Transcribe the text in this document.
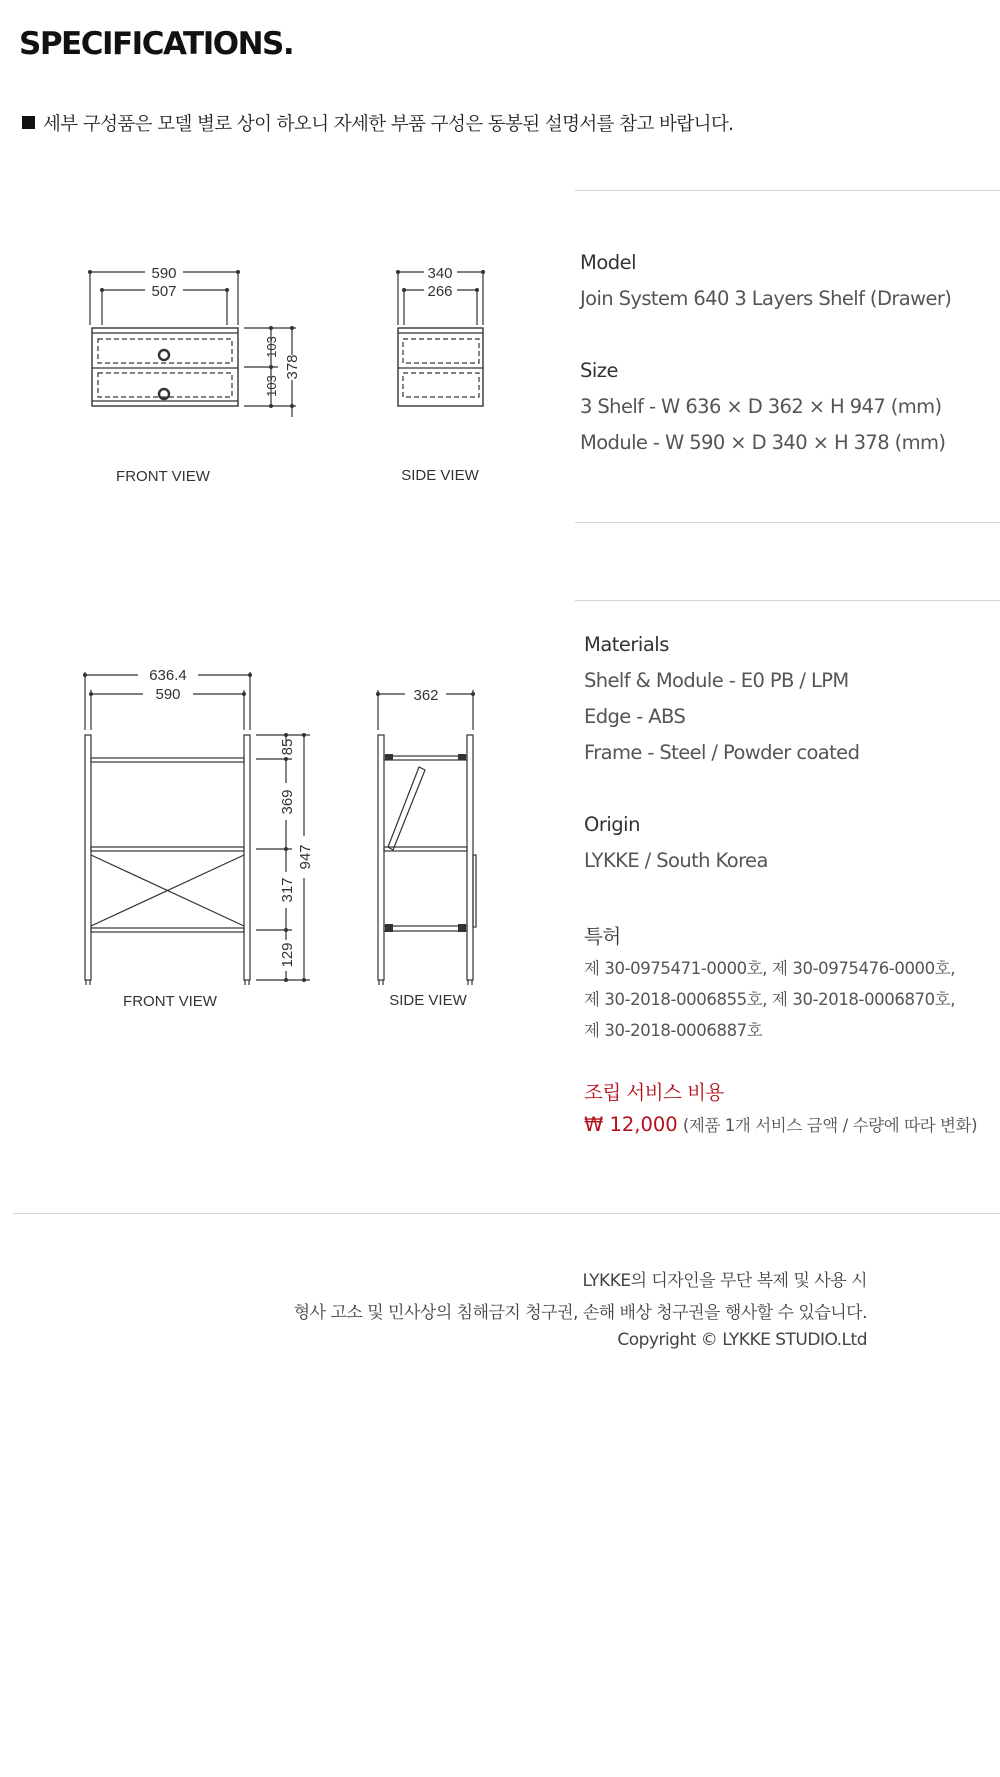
SPECIFICATIONS.
세부 구성품은 모델 별로 상이 하오니 자세한 부품 구성은 동봉된 설명서를 참고 바랍니다.
590
507
103
103
378
340
266
FRONT VIEW	SIDE VIEW
636.4
590
85
369
317
129
947
362
FRONT VIEW	SIDE VIEW
Model
Join System 640 3 Layers Shelf (Drawer)
Size
3 Shelf - W 636 × D 362 × H 947 (mm)
Module - W 590 × D 340 × H 378 (mm)
Materials
Shelf & Module - E0 PB / LPM
Edge - ABS
Frame - Steel / Powder coated
Origin
LYKKE / South Korea
특허
제 30-0975471-0000호, 제 30-0975476-0000호,
제 30-2018-0006855호, 제 30-2018-0006870호,
제 30-2018-0006887호
조립 서비스 비용
₩ 12,000 (제품 1개 서비스 금액 / 수량에 따라 변화)
LYKKE의 디자인을 무단 복제 및 사용 시
형사 고소 및 민사상의 침해금지 청구권, 손해 배상 청구권을 행사할 수 있습니다.
Copyright © LYKKE STUDIO.Ltd
